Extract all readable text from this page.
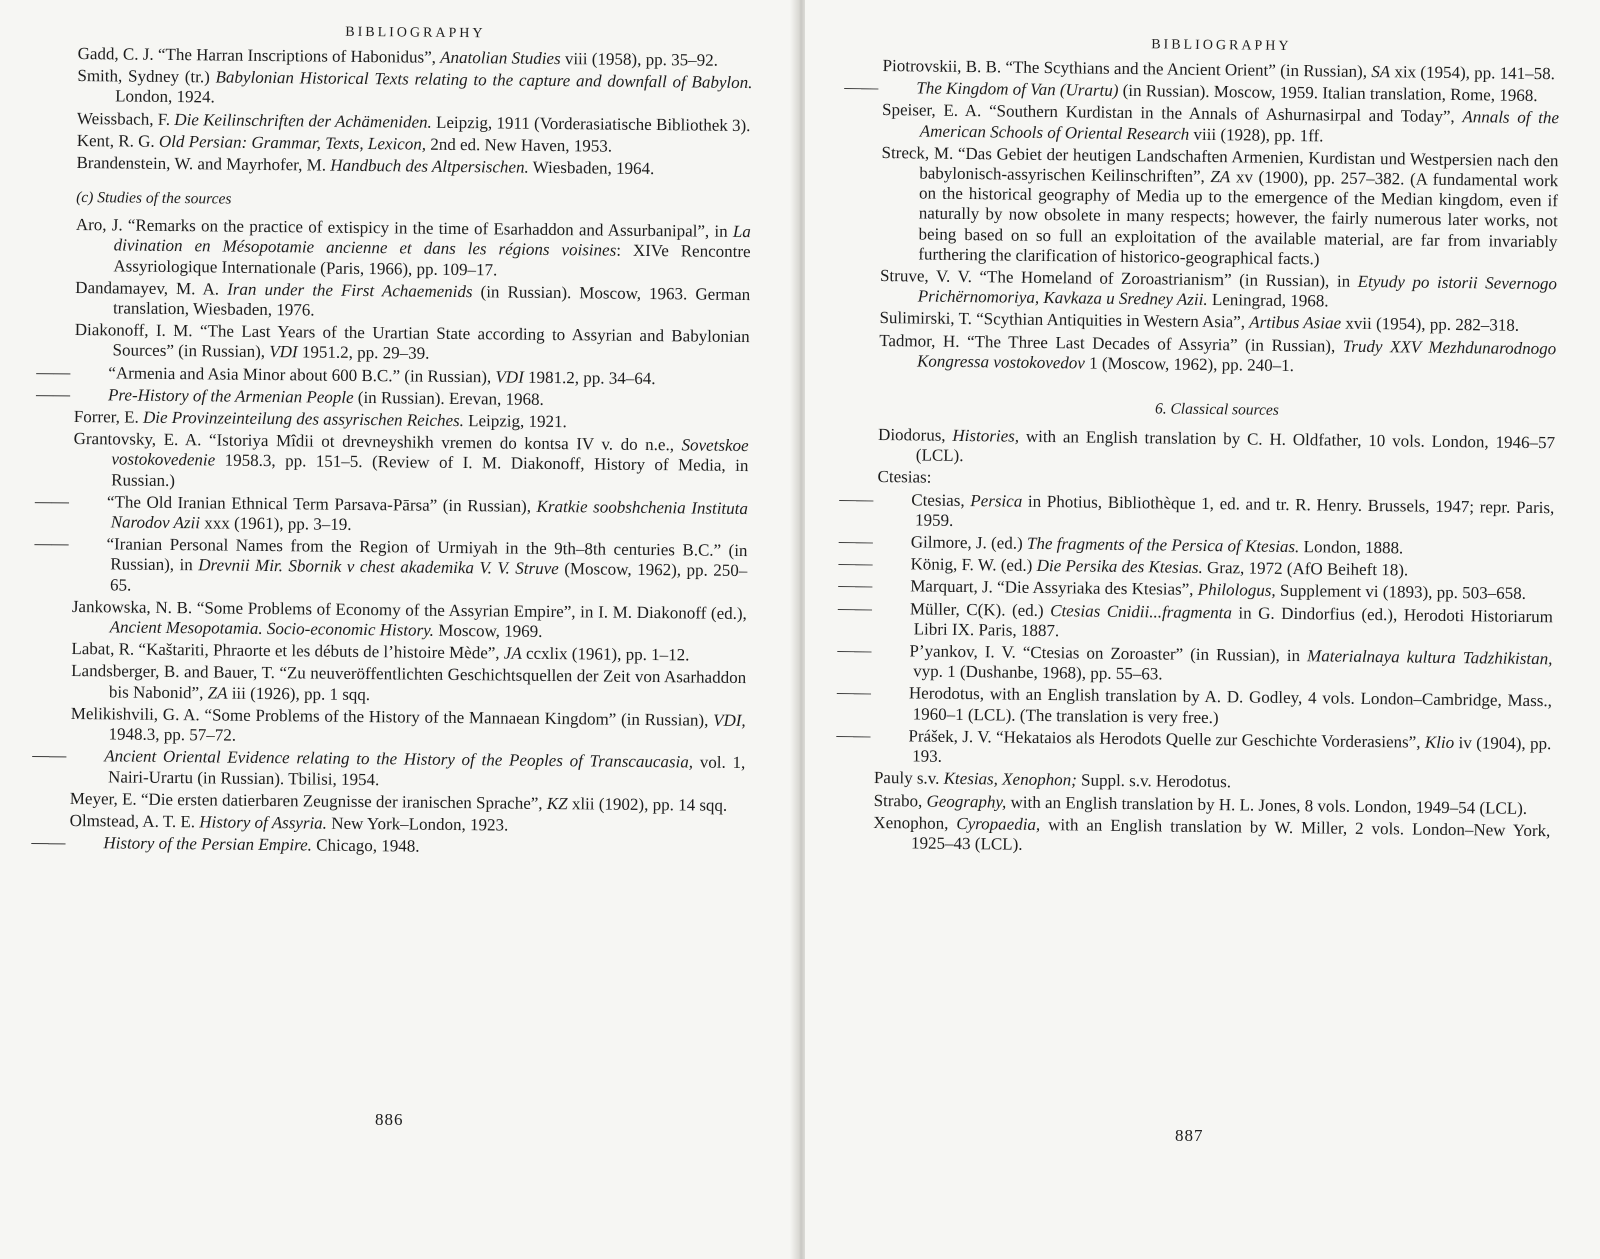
BIBLIOGRAPHY

Gadd, C. J. “The Harran Inscriptions of Habonidus”, Anatolian Studies viii (1958), pp. 35–92.

Smith, Sydney (tr.) Babylonian Historical Texts relating to the capture and downfall of Babylon. London, 1924.

Weissbach, F. Die Keilinschriften der Achämeniden. Leipzig, 1911 (Vorderasiatische Bibliothek 3).

Kent, R. G. Old Persian: Grammar, Texts, Lexicon, 2nd ed. New Haven, 1953.

Brandenstein, W. and Mayrhofer, M. Handbuch des Altpersischen. Wiesbaden, 1964.

(c) Studies of the sources

Aro, J. “Remarks on the practice of extispicy in the time of Esarhaddon and Assurbanipal”, in La divination en Mésopotamie ancienne et dans les régions voisines: XIVe Rencontre Assyriologique Internationale (Paris, 1966), pp. 109–17.

Dandamayev, M. A. Iran under the First Achaemenids (in Russian). Moscow, 1963. German translation, Wiesbaden, 1976.

Diakonoff, I. M. “The Last Years of the Urartian State according to Assyrian and Babylonian Sources” (in Russian), VDI 1951.2, pp. 29–39.

—— “Armenia and Asia Minor about 600 B.C.” (in Russian), VDI 1981.2, pp. 34–64.

—— Pre-History of the Armenian People (in Russian). Erevan, 1968.

Forrer, E. Die Provinzeinteilung des assyrischen Reiches. Leipzig, 1921.

Grantovsky, E. A. “Istoriya Mîdii ot drevneyshikh vremen do kontsa IV v. do n.e., Sovetskoe vostokovedenie 1958.3, pp. 151–5. (Review of I. M. Diakonoff, History of Media, in Russian.)

—— “The Old Iranian Ethnical Term Parsava-Pārsa” (in Russian), Kratkie soobshchenia Instituta Narodov Azii xxx (1961), pp. 3–19.

—— “Iranian Personal Names from the Region of Urmiyah in the 9th–8th centuries B.C.” (in Russian), in Drevnii Mir. Sbornik v chest akademika V. V. Struve (Moscow, 1962), pp. 250–65.

Jankowska, N. B. “Some Problems of Economy of the Assyrian Empire”, in I. M. Diakonoff (ed.), Ancient Mesopotamia. Socio-economic History. Moscow, 1969.

Labat, R. “Kaštariti, Phraorte et les débuts de l’histoire Mède”, JA ccxlix (1961), pp. 1–12.

Landsberger, B. and Bauer, T. “Zu neuveröffentlichten Geschichtsquellen der Zeit von Asarhaddon bis Nabonid”, ZA iii (1926), pp. 1 sqq.

Melikishvili, G. A. “Some Problems of the History of the Mannaean Kingdom” (in Russian), VDI, 1948.3, pp. 57–72.

—— Ancient Oriental Evidence relating to the History of the Peoples of Transcaucasia, vol. 1, Nairi-Urartu (in Russian). Tbilisi, 1954.

Meyer, E. “Die ersten datierbaren Zeugnisse der iranischen Sprache”, KZ xlii (1902), pp. 14 sqq.

Olmstead, A. T. E. History of Assyria. New York–London, 1923.

—— History of the Persian Empire. Chicago, 1948.

886
BIBLIOGRAPHY

Piotrovskii, B. B. “The Scythians and the Ancient Orient” (in Russian), SA xix (1954), pp. 141–58.

—— The Kingdom of Van (Urartu) (in Russian). Moscow, 1959. Italian translation, Rome, 1968.

Speiser, E. A. “Southern Kurdistan in the Annals of Ashurnasirpal and Today”, Annals of the American Schools of Oriental Research viii (1928), pp. 1ff.

Streck, M. “Das Gebiet der heutigen Landschaften Armenien, Kurdistan und Westpersien nach den babylonisch-assyrischen Keilinschriften”, ZA xv (1900), pp. 257–382. (A fundamental work on the historical geography of Media up to the emergence of the Median kingdom, even if naturally by now obsolete in many respects; however, the fairly numerous later works, not being based on so full an exploitation of the available material, are far from invariably furthering the clarification of historico-geographical facts.)

Struve, V. V. “The Homeland of Zoroastrianism” (in Russian), in Etyudy po istorii Severnogo Prichërnomoriya, Kavkaza u Sredney Azii. Leningrad, 1968.

Sulimirski, T. “Scythian Antiquities in Western Asia”, Artibus Asiae xvii (1954), pp. 282–318.

Tadmor, H. “The Three Last Decades of Assyria” (in Russian), Trudy XXV Mezhdunarodnogo Kongressa vostokovedov 1 (Moscow, 1962), pp. 240–1.

6. Classical sources

Diodorus, Histories, with an English translation by C. H. Oldfather, 10 vols. London, 1946–57 (LCL).

Ctesias:

—— Ctesias, Persica in Photius, Bibliothèque 1, ed. and tr. R. Henry. Brussels, 1947; repr. Paris, 1959.

—— Gilmore, J. (ed.) The fragments of the Persica of Ktesias. London, 1888.

—— König, F. W. (ed.) Die Persika des Ktesias. Graz, 1972 (AfO Beiheft 18).

—— Marquart, J. “Die Assyriaka des Ktesias”, Philologus, Supplement vi (1893), pp. 503–658.

—— Müller, C(K). (ed.) Ctesias Cnidii...fragmenta in G. Dindorfius (ed.), Herodoti Historiarum Libri IX. Paris, 1887.

—— P’yankov, I. V. “Ctesias on Zoroaster” (in Russian), in Materialnaya kultura Tadzhikistan, vyp. 1 (Dushanbe, 1968), pp. 55–63.

—— Herodotus, with an English translation by A. D. Godley, 4 vols. London–Cambridge, Mass., 1960–1 (LCL). (The translation is very free.)

—— Prášek, J. V. “Hekataios als Herodots Quelle zur Geschichte Vorderasiens”, Klio iv (1904), pp. 193.

Pauly s.v. Ktesias, Xenophon; Suppl. s.v. Herodotus.

Strabo, Geography, with an English translation by H. L. Jones, 8 vols. London, 1949–54 (LCL).

Xenophon, Cyropaedia, with an English translation by W. Miller, 2 vols. London–New York, 1925–43 (LCL).

887
